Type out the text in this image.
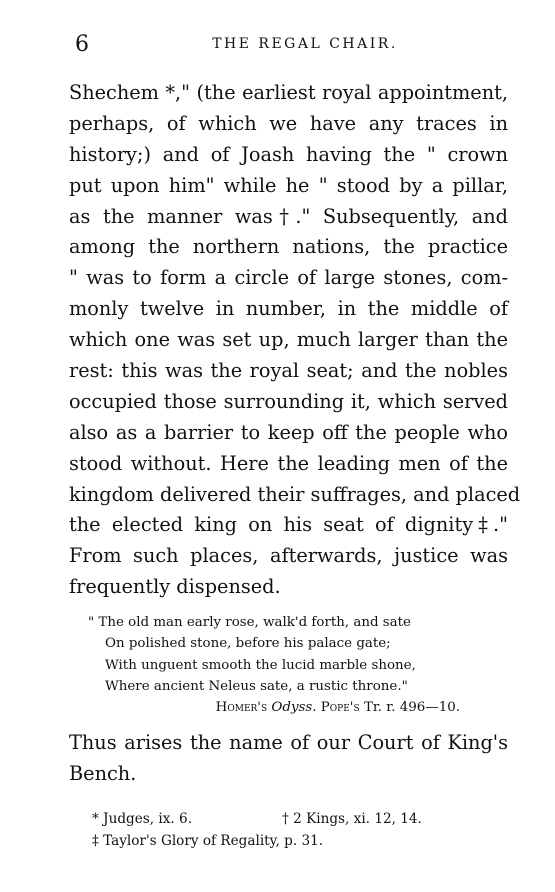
6	THE REGAL CHAIR.
Shechem *," (the earliest royal appointment,
perhaps, of which we have any traces in
history;) and of Joash having the " crown
put upon him" while he " stood by a pillar,
as the manner was†." Subsequently, and
among the northern nations, the practice
" was to form a circle of large stones, com-
monly twelve in number, in the middle of
which one was set up, much larger than the
rest: this was the royal seat; and the nobles
occupied those surrounding it, which served
also as a barrier to keep off the people who
stood without. Here the leading men of the
kingdom delivered their suffrages, and placed
the elected king on his seat of dignity‡."
From such places, afterwards, justice was
frequently dispensed.
" The old man early rose, walk'd forth, and sate
On polished stone, before his palace gate;
With unguent smooth the lucid marble shone,
Where ancient Neleus sate, a rustic throne."
Homer's Odyss. Pope's Tr. r. 496—10.
Thus arises the name of our Court of King's
Bench.
* Judges, ix. 6.	† 2 Kings, xi. 12, 14.
‡ Taylor's Glory of Regality, p. 31.
